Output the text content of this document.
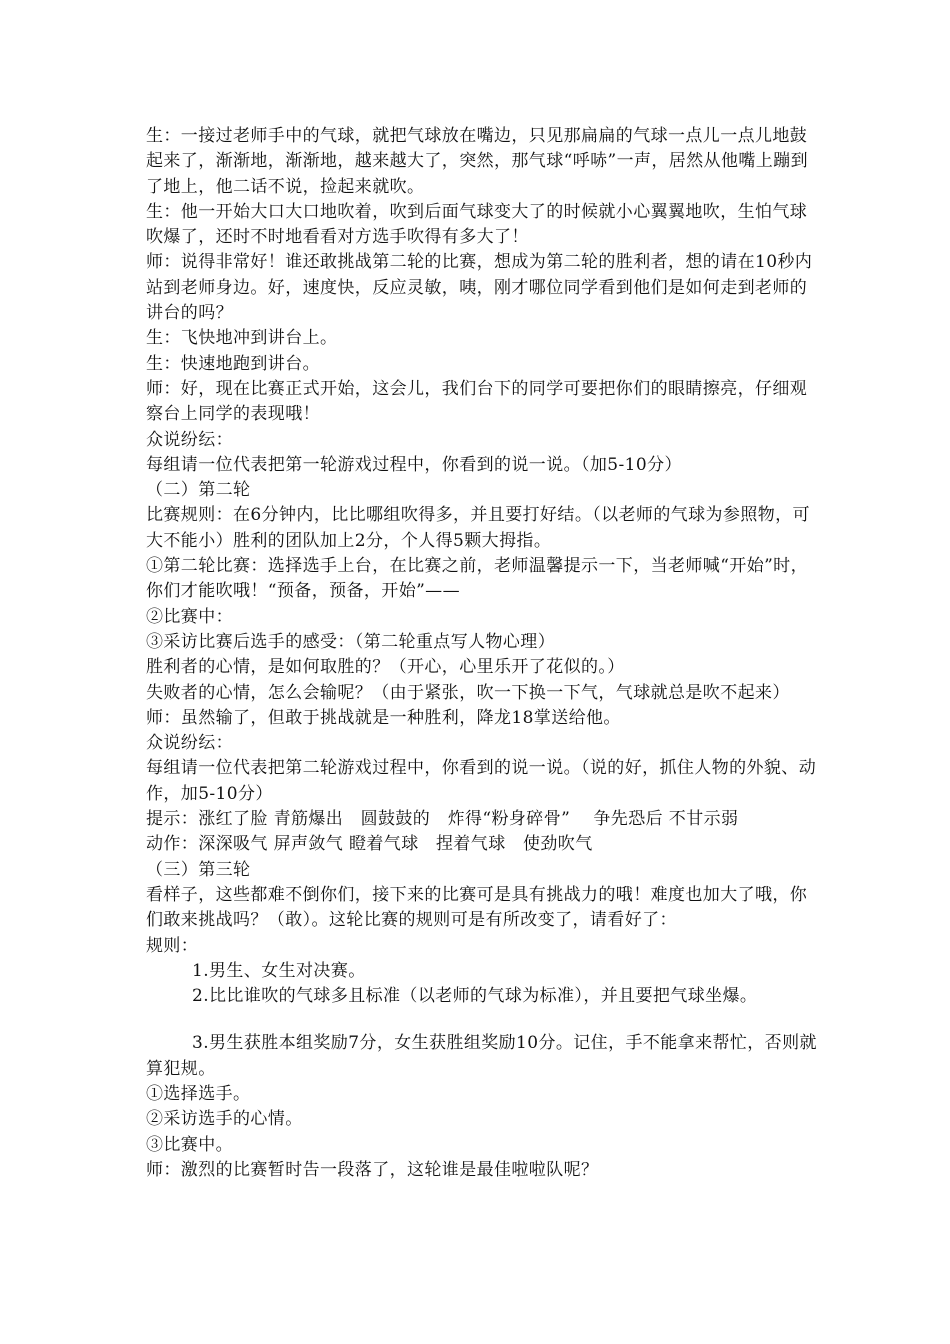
生：一接过老师手中的气球，就把气球放在嘴边，只见那扁扁的气球一点儿一点儿地鼓起来了，渐渐地，渐渐地，越来越大了，突然，那气球“呼哧”一声，居然从他嘴上蹦到了地上，他二话不说，捡起来就吹。

生：他一开始大口大口地吹着，吹到后面气球变大了的时候就小心翼翼地吹，生怕气球吹爆了，还时不时地看看对方选手吹得有多大了！

师：说得非常好！谁还敢挑战第二轮的比赛，想成为第二轮的胜利者，想的请在10秒内站到老师身边。好，速度快，反应灵敏，咦，刚才哪位同学看到他们是如何走到老师的讲台的吗？

生：飞快地冲到讲台上。

生：快速地跑到讲台。

师：好，现在比赛正式开始，这会儿，我们台下的同学可要把你们的眼睛擦亮，仔细观察台上同学的表现哦！

众说纷纭：

每组请一位代表把第一轮游戏过程中，你看到的说一说。（加5-10分）

（二）第二轮

比赛规则：在6分钟内，比比哪组吹得多，并且要打好结。（以老师的气球为参照物，可大不能小）胜利的团队加上2分，个人得5颗大拇指。

①第二轮比赛：选择选手上台，在比赛之前，老师温馨提示一下，当老师喊“开始”时，你们才能吹哦！“预备，预备，开始”——

②比赛中：

③采访比赛后选手的感受：（第二轮重点写人物心理）

胜利者的心情，是如何取胜的？（开心，心里乐开了花似的。）

失败者的心情，怎么会输呢？（由于紧张，吹一下换一下气，气球就总是吹不起来）

师：虽然输了，但敢于挑战就是一种胜利，降龙18掌送给他。

众说纷纭：

每组请一位代表把第二轮游戏过程中，你看到的说一说。（说的好，抓住人物的外貌、动作，加5-10分）

提示：涨红了脸 青筋爆出　圆鼓鼓的　炸得“粉身碎骨”　 争先恐后 不甘示弱

动作：深深吸气 屏声敛气 瞪着气球　捏着气球　使劲吹气

（三）第三轮

看样子，这些都难不倒你们，接下来的比赛可是具有挑战力的哦！难度也加大了哦，你们敢来挑战吗？（敢）。这轮比赛的规则可是有所改变了，请看好了：

规则：

1.男生、女生对决赛。

2.比比谁吹的气球多且标准（以老师的气球为标准），并且要把气球坐爆。

3.男生获胜本组奖励7分，女生获胜组奖励10分。记住，手不能拿来帮忙，否则就算犯规。

①选择选手。

②采访选手的心情。

③比赛中。

师：激烈的比赛暂时告一段落了，这轮谁是最佳啦啦队呢？
